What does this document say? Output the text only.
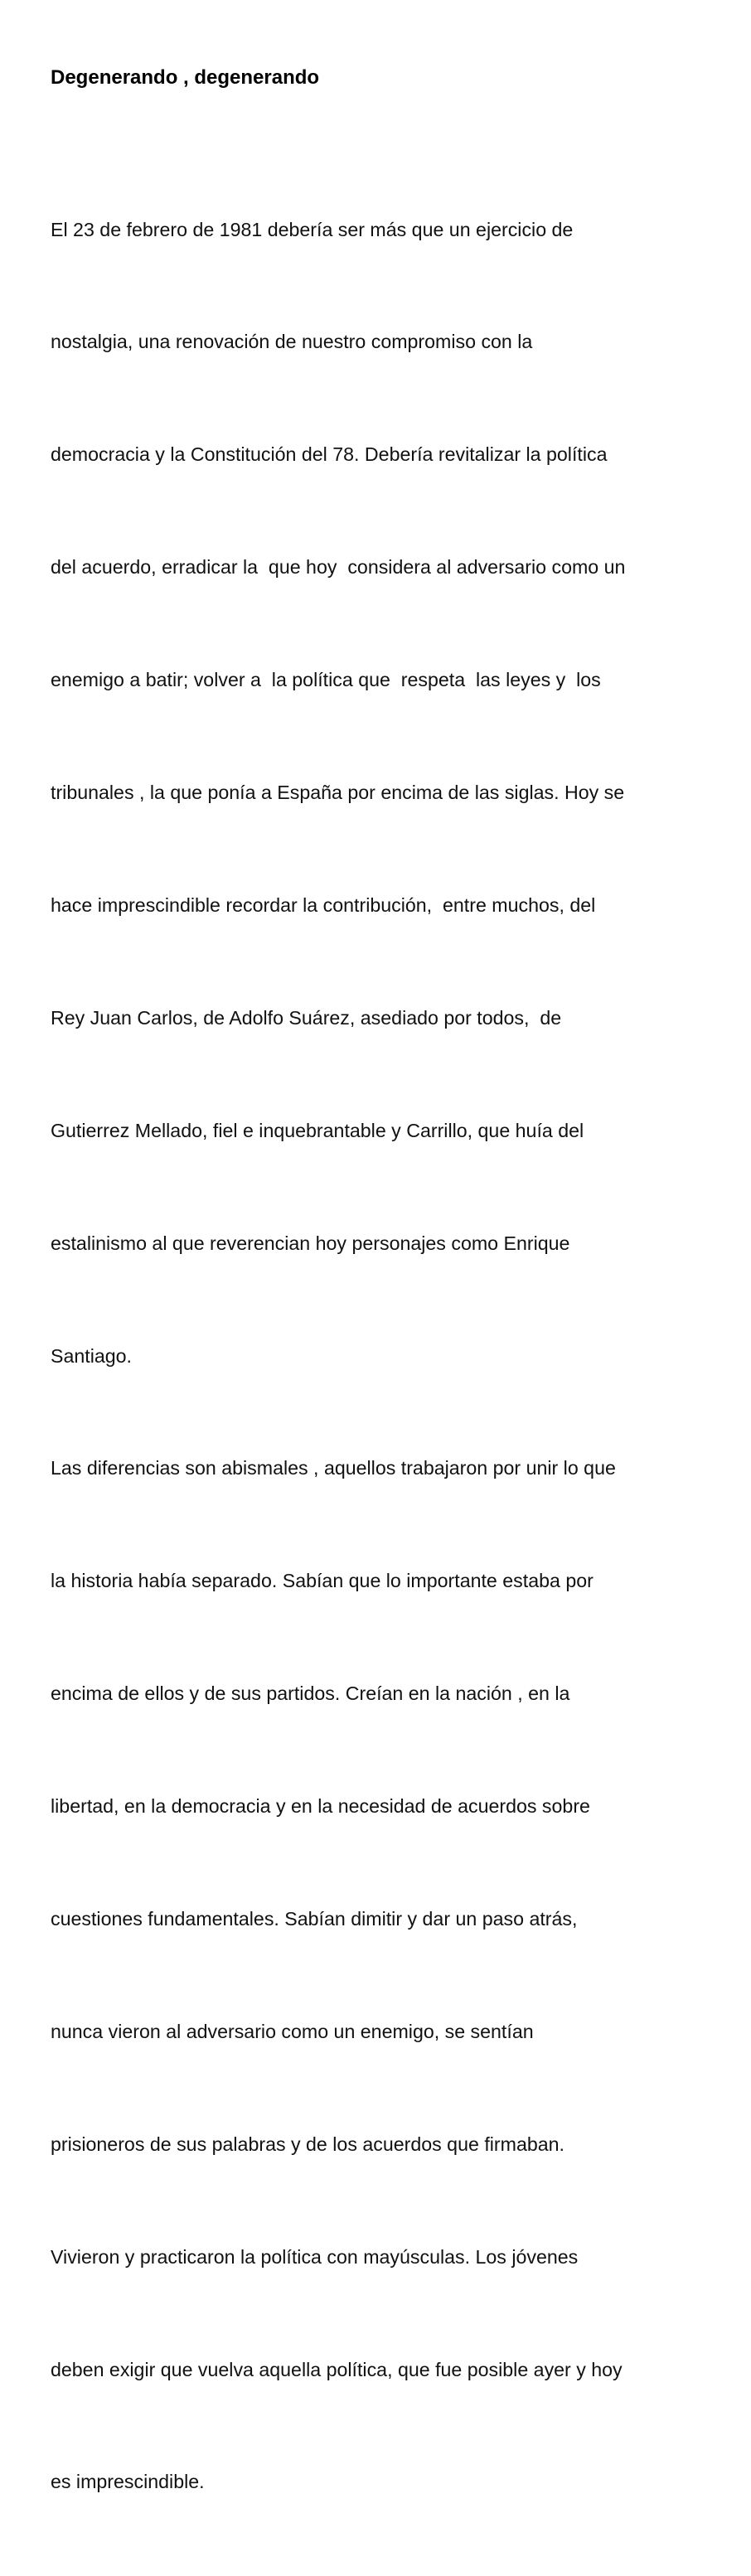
Degenerando , degenerando

El 23 de febrero de 1981 debería ser más que un ejercicio de

nostalgia, una renovación de nuestro compromiso con la

democracia y la Constitución del 78. Debería revitalizar la política

del acuerdo, erradicar la  que hoy  considera al adversario como un

enemigo a batir; volver a  la política que  respeta  las leyes y  los

tribunales , la que ponía a España por encima de las siglas. Hoy se

hace imprescindible recordar la contribución,  entre muchos, del

Rey Juan Carlos, de Adolfo Suárez, asediado por todos,  de

Gutierrez Mellado, fiel e inquebrantable y Carrillo, que huía del

estalinismo al que reverencian hoy personajes como Enrique

Santiago.

Las diferencias son abismales , aquellos trabajaron por unir lo que

la historia había separado. Sabían que lo importante estaba por

encima de ellos y de sus partidos. Creían en la nación , en la

libertad, en la democracia y en la necesidad de acuerdos sobre

cuestiones fundamentales. Sabían dimitir y dar un paso atrás,

nunca vieron al adversario como un enemigo, se sentían

prisioneros de sus palabras y de los acuerdos que firmaban.

Vivieron y practicaron la política con mayúsculas. Los jóvenes

deben exigir que vuelva aquella política, que fue posible ayer y hoy

es imprescindible.
